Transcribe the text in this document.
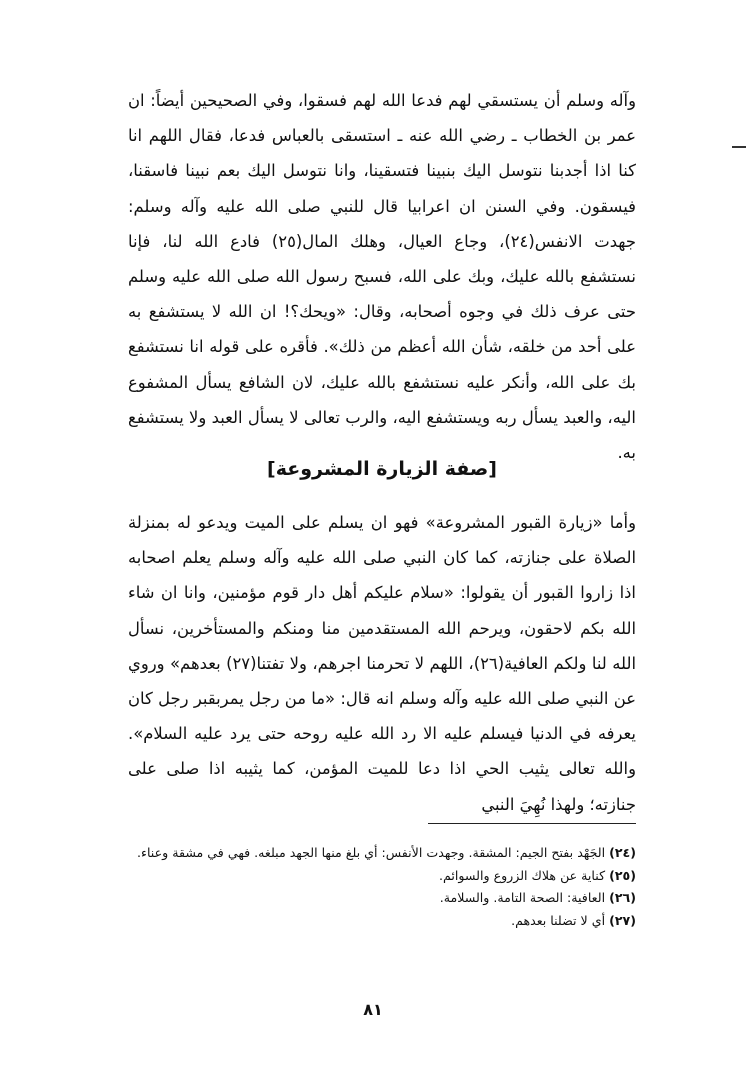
وآله وسلم أن يستسقي لهم فدعا الله لهم فسقوا، وفي الصحيحين أيضاً: ان عمر بن الخطاب ـ رضي الله عنه ـ استسقى بالعباس فدعا، فقال اللهم انا كنا اذا أجدبنا نتوسل اليك بنبينا فتسقينا، وانا نتوسل اليك بعم نبينا فاسقنا، فيسقون. وفي السنن ان اعرابيا قال للنبي صلى الله عليه وآله وسلم: جهدت الانفس(٢٤)، وجاع العيال، وهلك المال(٢٥) فادع الله لنا، فإنا نستشفع بالله عليك، وبك على الله، فسبح رسول الله صلى الله عليه وسلم حتى عرف ذلك في وجوه أصحابه، وقال: «ويحك؟! ان الله لا يستشفع به على أحد من خلقه، شأن الله أعظم من ذلك». فأقره على قوله انا نستشفع بك على الله، وأنكر عليه نستشفع بالله عليك، لان الشافع يسأل المشفوع اليه، والعبد يسأل ربه ويستشفع اليه، والرب تعالى لا يسأل العبد ولا يستشفع به.

[صفة الزيارة المشروعة]

وأما «زيارة القبور المشروعة» فهو ان يسلم على الميت ويدعو له بمنزلة الصلاة على جنازته، كما كان النبي صلى الله عليه وآله وسلم يعلم اصحابه اذا زاروا القبور أن يقولوا: «سلام عليكم أهل دار قوم مؤمنين، وانا ان شاء الله بكم لاحقون، ويرحم الله المستقدمين منا ومنكم والمستأخرين، نسأل الله لنا ولكم العافية(٢٦)، اللهم لا تحرمنا اجرهم، ولا تفتنا(٢٧) بعدهم» وروي عن النبي صلى الله عليه وآله وسلم انه قال: «ما من رجل يمربقبر رجل كان يعرفه في الدنيا فيسلم عليه الا رد الله عليه روحه حتى يرد عليه السلام». والله تعالى يثيب الحي اذا دعا للميت المؤمن، كما يثيبه اذا صلى على جنازته؛ ولهذا نُهِيَ النبي

(٢٤) الجَهْد بفتح الجيم: المشقة. وجهدت الأنفس: أي بلغ منها الجهد مبلغه. فهي في مشقة وعناء.
(٢٥) كناية عن هلاك الزروع والسوائم.
(٢٦) العافية: الصحة التامة. والسلامة.
(٢٧) أي لا تضلنا بعدهم.
٨١
